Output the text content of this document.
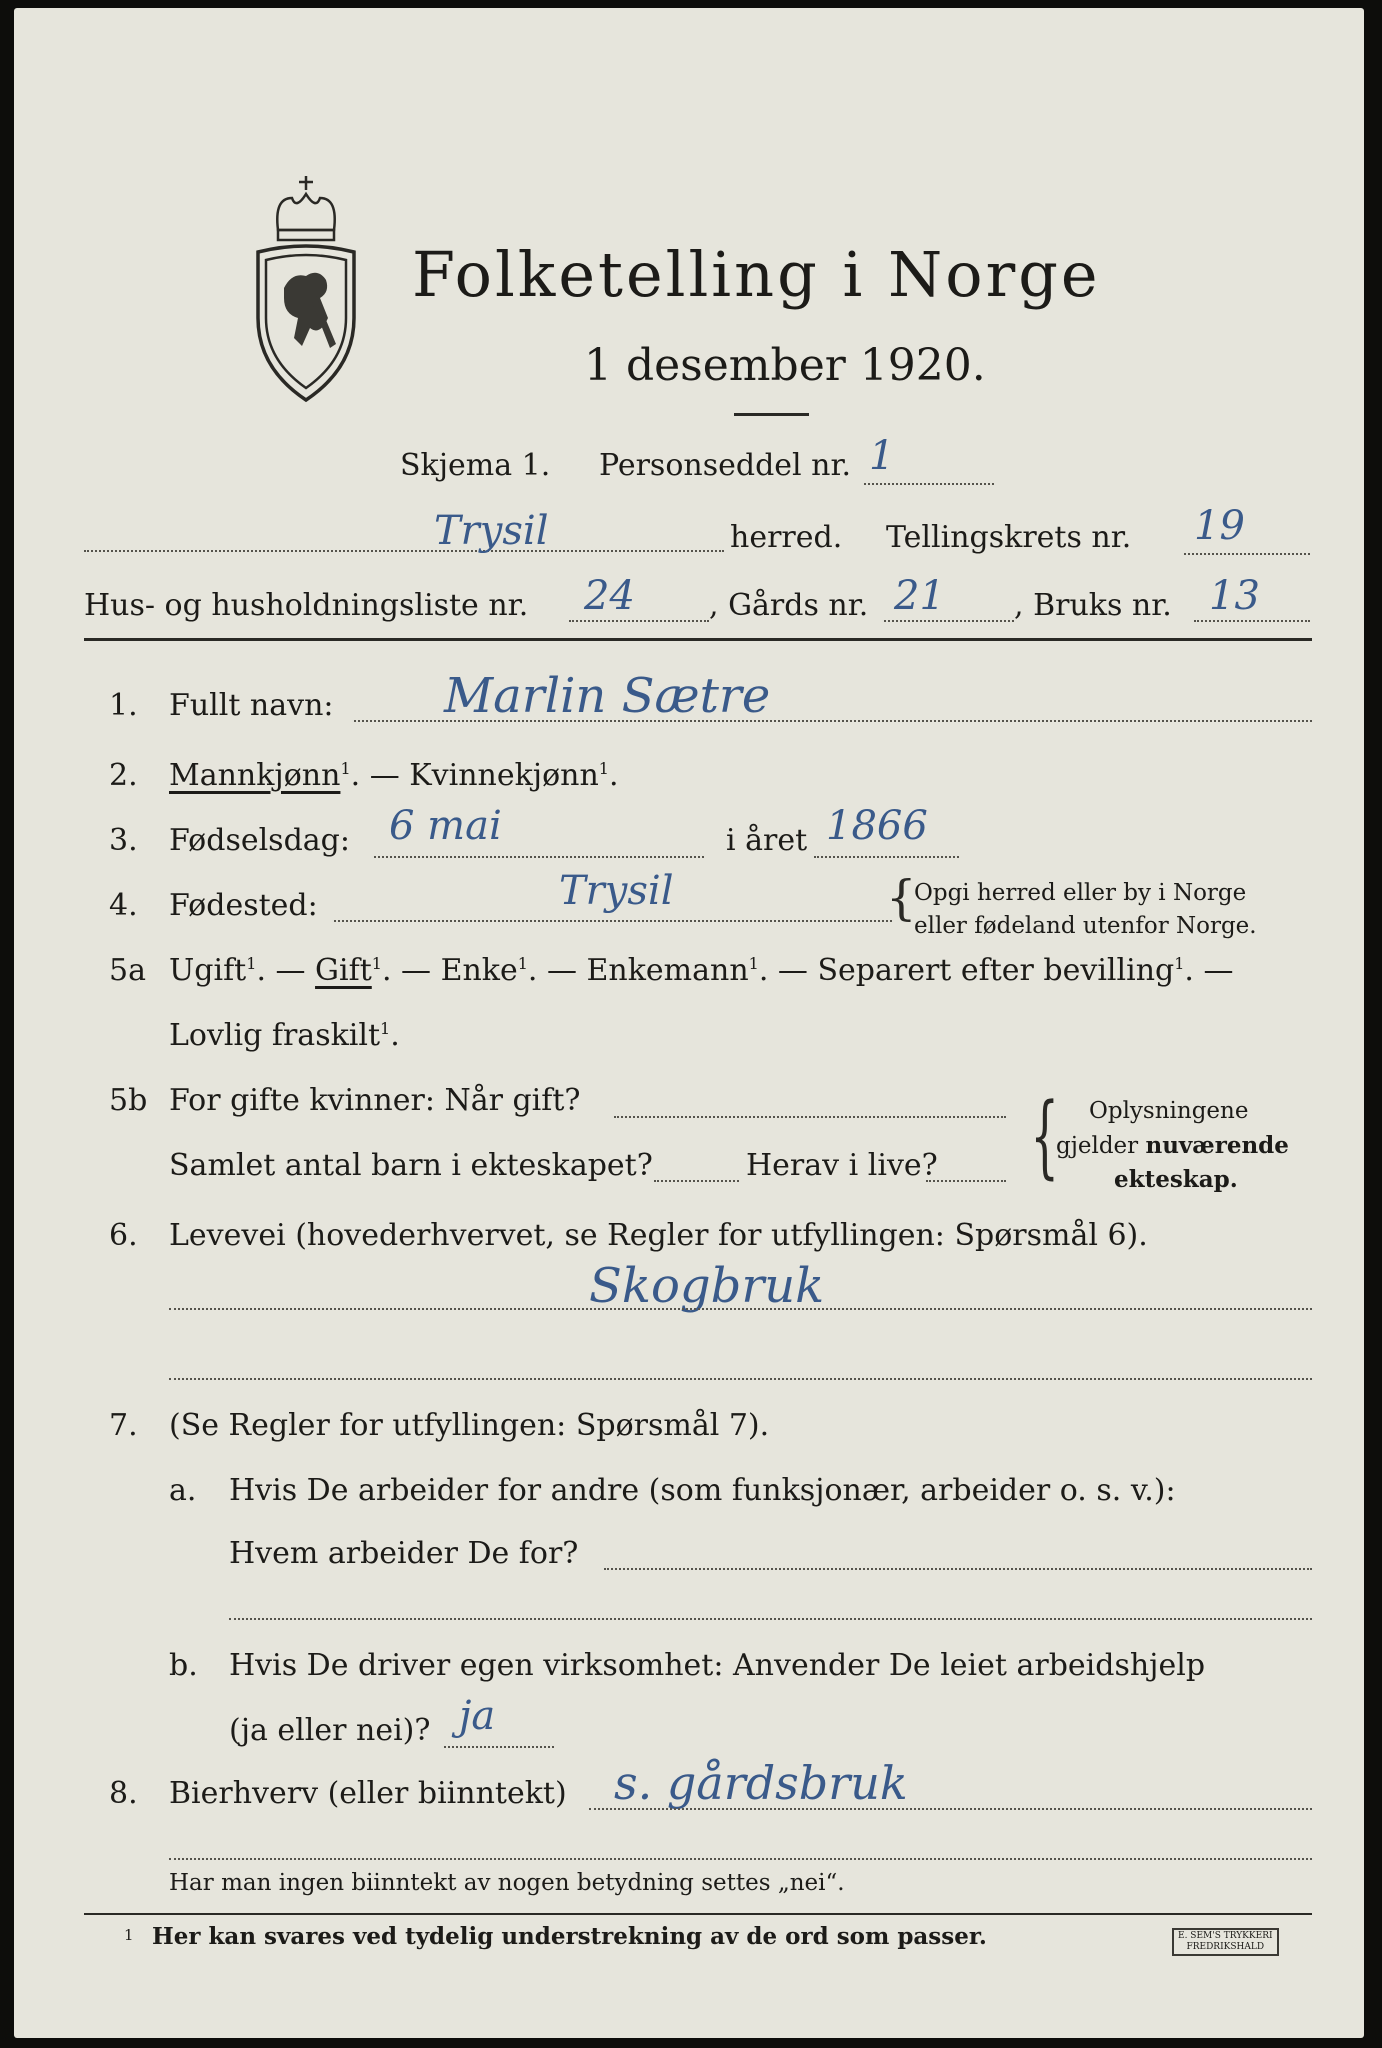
Folketelling i Norge
1 desember 1920.
Skjema 1. Personseddel nr. 1
Trysil	herred. Tellingskrets nr. 19
Hus- og husholdningsliste nr. 24 , Gårds nr. 21 , Bruks nr. 13
1. Fullt navn: Marlin Sætre
2. Mannkjønn$^1$. — Kvinnekjønn$^1$.
3. Fødselsdag: 6 mai	i året 1866
4. Fødested:	Trysil	{
Opgi herred eller by i Norge
eller fødeland utenfor Norge.
5a Ugift$^1$. — Gift$^1$. — Enke$^1$. — Enkemann$^1$. — Separert efter bevilling$^1$. —
Lovlig fraskilt$^1$.
5b For gifte kvinner: Når gift?
Samlet antal barn i ekteskapet?	Herav i live? { Oplysningene
gjelder nuværende
ekteskap.
6. Levevei (hovederhvervet, se Regler for utfyllingen: Spørsmål 6).
Skogbruk
7. (Se Regler for utfyllingen: Spørsmål 7).
a. Hvis De arbeider for andre (som funksjonær, arbeider o. s. v.):
Hvem arbeider De for?
b. Hvis De driver egen virksomhet: Anvender De leiet arbeidshjelp
(ja eller nei)? ja
8. Bierhverv (eller biinntekt) s. gårdsbruk
Har man ingen biinntekt av nogen betydning settes „nei“.
1 Her kan svares ved tydelig understrekning av de ord som passer.	E. SEM'S TRYKKERI
FREDRIKSHALD
